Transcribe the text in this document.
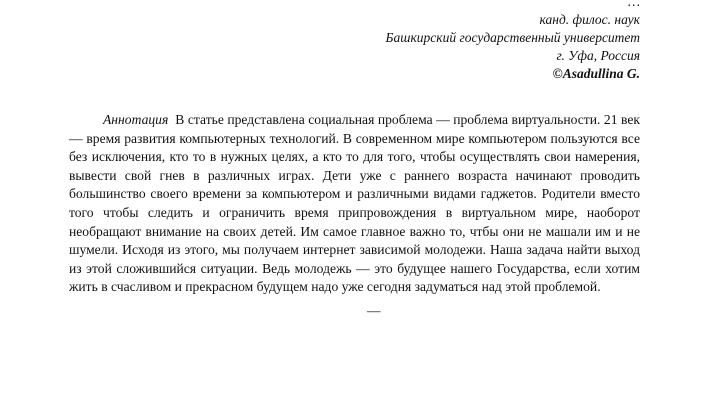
…
канд. филос. наук
Башкирский государственный университет
г. Уфа, Россия
©Asadullina G.

Аннотация В статье представлена социальная проблема — проблема виртуальности. 21 век — время развития компьютерных технологий. В современном мире компьютером пользуются все без исключения, кто то в нужных целях, а кто то для того, чтобы осуществлять свои намерения, вывести свой гнев в различных играх. Дети уже с раннего возраста начинают проводить большинство своего времени за компьютером и различными видами гаджетов. Родители вместо того чтобы следить и ограничить время припровождения в виртуальном мире, наоборот необращают внимание на своих детей. Им самое главное важно то, чтбы они не машали им и не шумели. Исходя из этого, мы получаем интернет зависимой молодежи. Наша задача найти выход из этой сложившийся ситуации. Ведь молодежь — это будущее нашего Государства, если хотим жить в счасливом и прекрасном будущем надо уже сегодня задуматься над этой проблемой.

—
